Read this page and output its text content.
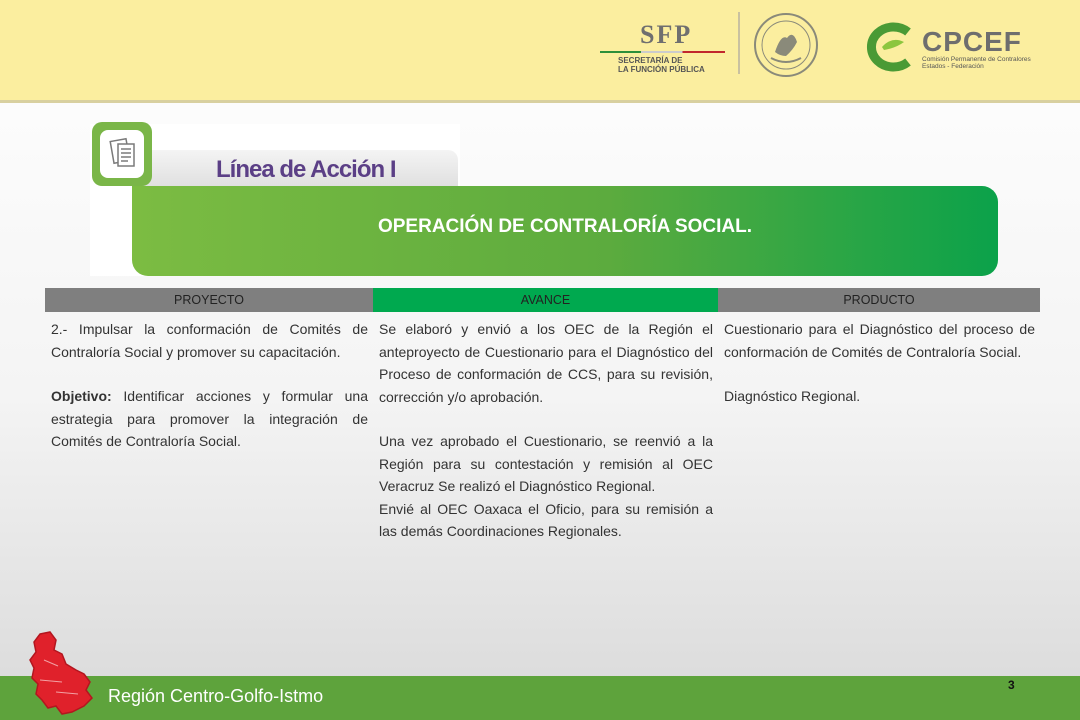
SFP
SECRETARÍA DE
LA FUNCIÓN PÚBLICA
CPCEF
Comisión Permanente de Contralores
Estados - Federación
Línea de Acción I
OPERACIÓN DE CONTRALORÍA SOCIAL.
PROYECTO	AVANCE	PRODUCTO
2.- Impulsar la conformación de Comités de Contraloría Social y promover su capacitación.
Objetivo: Identificar acciones y formular una estrategia para promover la integración de Comités de Contraloría Social.
Se elaboró y envió a los OEC de la Región el anteproyecto de Cuestionario para el Diagnóstico del Proceso de conformación de CCS, para su revisión, corrección y/o aprobación.
Una vez aprobado el Cuestionario, se reenvió a la Región para su contestación y remisión al OEC Veracruz Se realizó el Diagnóstico Regional.
Envié al OEC Oaxaca el Oficio, para su remisión a las demás Coordinaciones Regionales.
Cuestionario para el Diagnóstico del proceso de conformación de Comités de Contraloría Social.
Diagnóstico Regional.
Región Centro-Golfo-Istmo
3
